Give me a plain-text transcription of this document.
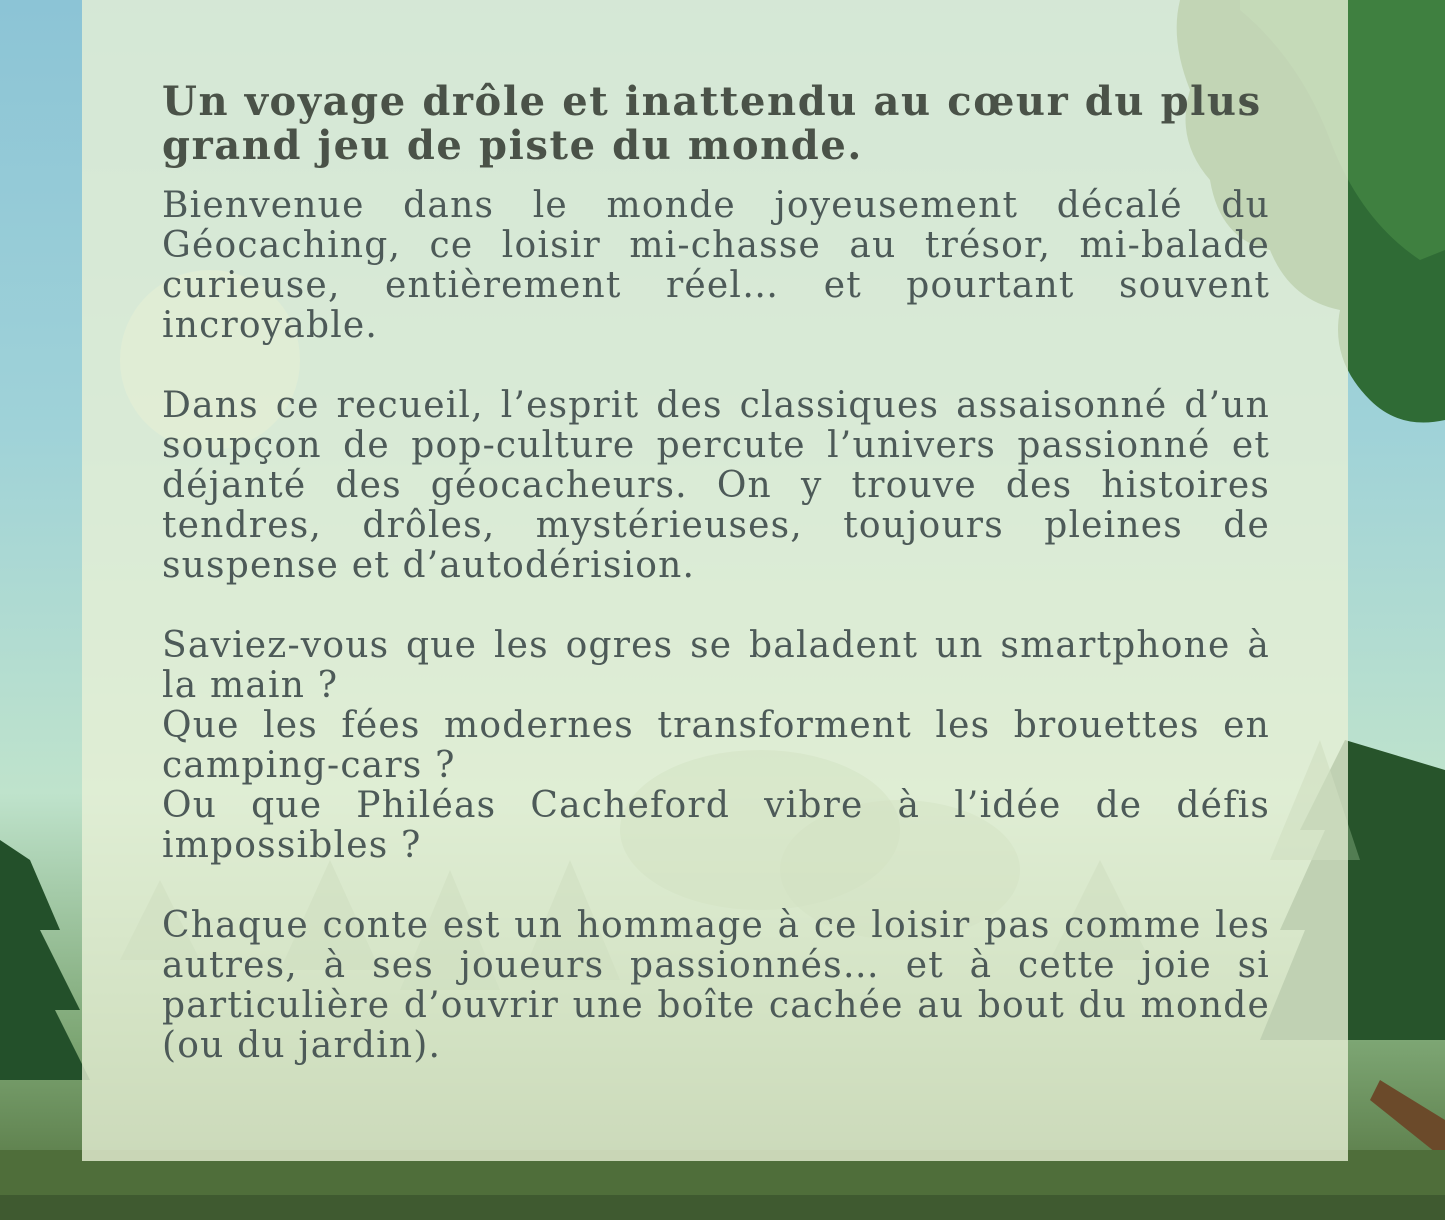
Un voyage drôle et inattendu au cœur du plus grand jeu de piste du monde.

Bienvenue dans le monde joyeusement décalé du Géocaching, ce loisir mi-chasse au trésor, mi-balade curieuse, entièrement réel… et pourtant souvent incroyable.

Dans ce recueil, l’esprit des classiques assaisonné d’un soupçon de pop-culture percute l’univers passionné et déjanté des géocacheurs. On y trouve des histoires tendres, drôles, mystérieuses, toujours pleines de suspense et d’autodérision.

Saviez-vous que les ogres se baladent un smartphone à la main ?
Que les fées modernes transforment les brouettes en camping-cars ?
Ou que Philéas Cacheford vibre à l’idée de défis impossibles ?

Chaque conte est un hommage à ce loisir pas comme les autres, à ses joueurs passionnés… et à cette joie si particulière d’ouvrir une boîte cachée au bout du monde (ou du jardin).
